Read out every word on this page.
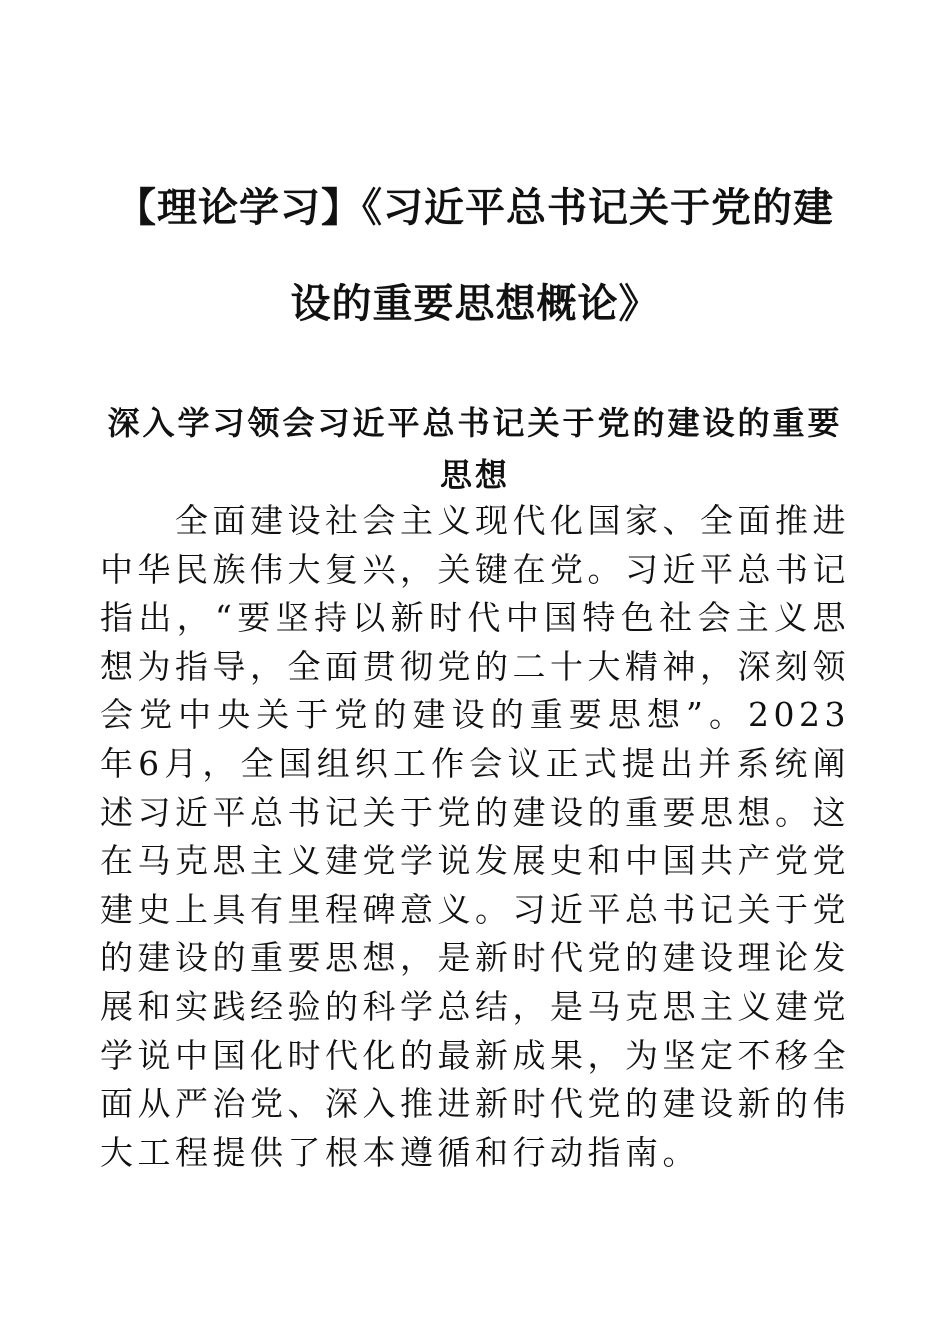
【理论学习】《习近平总书记关于党的建设的重要思想概论》
深入学习领会习近平总书记关于党的建设的重要思想

全面建设社会主义现代化国家、全面推进中华民族伟大复兴，关键在党。习近平总书记指出，“要坚持以新时代中国特色社会主义思想为指导，全面贯彻党的二十大精神，深刻领会党中央关于党的建设的重要思想”。2023年6月，全国组织工作会议正式提出并系统阐述习近平总书记关于党的建设的重要思想。这在马克思主义建党学说发展史和中国共产党党建史上具有里程碑意义。习近平总书记关于党的建设的重要思想，是新时代党的建设理论发展和实践经验的科学总结，是马克思主义建党学说中国化时代化的最新成果，为坚定不移全面从严治党、深入推进新时代党的建设新的伟大工程提供了根本遵循和行动指南。
